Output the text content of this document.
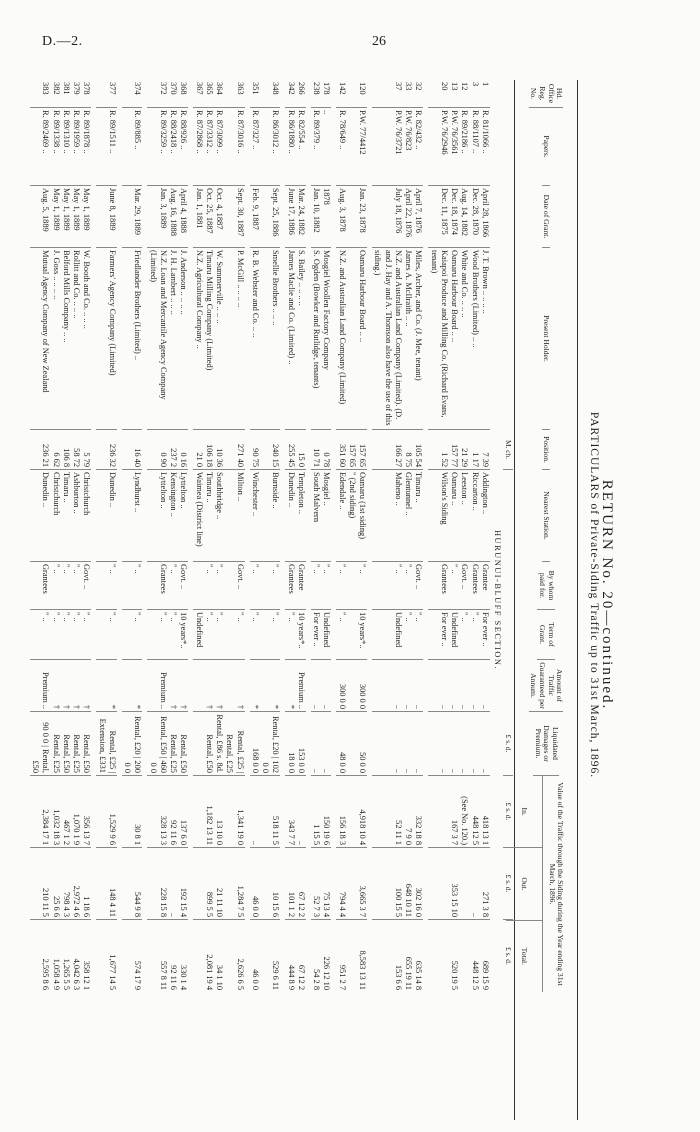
D.—2.	26
RETURN No. 20—continued.
PARTICULARS of Private-Siding Traffic up to 31st March, 1896.
Hd. Office Reg. No.
Papers.
Date of Grant.
Present Holder.
Position.
Nearest Station.
By whom paid for.
Term of Grant.
Amount of Traffic Guaranteed per Annum.
Liquidated Damages or Premium.

Value of the Traffic through the Siding during the Year ending 31st March, 1896.
In.
Out.
Total.

M. ch.
£ s. d.
£ s. d.
£ s. d.
£ s. d.
HURUNUI-BLUFF SECTION.
1
R. 81/1066 ..
April 28, 1866
J. T. Brown .. .. .. ..
7 39
Addington ..
Grantee
For ever ..
..
..
418 13 1
271 3 8
689 15 9
3
R. 88/1107 ..
Dec. 28, 1870
Wood Brothers (Limited) .. ..
1 17
Riccarton ..
Grantees
" ..
..
..
448 12 5
..
448 12 5
12
R. 89/2186 ..
Aug. 14, 1882
White and Co. .. .. ..
21 29
Leeston ..
Govt. ..
" ..
..
..
(See No. 120.)
13
P.W. 76/3561
Dec. 18, 1874
Oamaru Harbour Board .. ..
157 77
Oamaru ..
" ..
Undefined
..
..
167 3 7
353 15 10
520 19 5
20
P.W. 76/2946
Dec. 11, 1875
Kaiapoi Produce and Milling Co. (Richard Evans, tenant)
1 52
Wilson's Siding
Grantees
For ever ..
..
..
32
R. 82/432 ..
April 7, 1876
Miles, Archer, and Co. (J. Mee, tenant)
105 54
Timaru ..
Govt. ..
" ..
..
..
332 18 8
302 16 0
635 14 8
33
P.W. 76/823
April 22, 1876
James A. McIlraith .. ..
8 75
Glentunnel ..
" ..
" ..
..
..
7 9 0
648 10 11
655 19 11
37
P.W. 76/3721
July 18, 1876
N.Z. and Australian Land Company (Limited). (D. and J. Hay and A. Thomson also have the use of this siding.)
166 27
Maheno ..
" ..
Undefined
..
..
52 11 1
100 15 5
153 6 6
120
P.W. 77/4412
Jan. 23, 1878
Oamaru Harbour Board .. ..
157 65
Oamaru (1st siding)
" ..
10 years*..
300 0 0
50 0 0
4,918 10 4
3,665 3 7
8,583 13 11
157 65
" (2nd siding)
142
R. 78/649 ..
Aug. 3, 1878
N.Z. and Australian Land Company (Limited)
351 60
Edendale ..
" ..
" ..
300 0 0
48 0 0
156 18 3
794 4 4
951 2 7
178
..
1878
Mosgiel Woollen Factory Company
0 78
Mosgiel ..
" ..
Undefined
..
..
150 19 6
75 13 4
226 12 10
238
R. 89/379 ..
Jan. 10, 1882
S. Ogden (Bowker and Rutlidge, tenants)
10 71
South Malvern
" ..
For ever ..
..
..
1 15 5
52 7 3
54 2 8
266
R. 82/554 ..
Mar. 24, 1882
S. Bailey .. .. .. ..
15 0
Templeton ..
Grantee
10 years*..
Premium ..
153 0 0
..
67 12 2
67 12 2
342
R. 86/1880 ..
June 17, 1886
James Maclie and Co. (Limited) ..
255 45
Dunedin ..
Grantees
" ..
*
18 0 0
343 7 7
101 1 2
444 8 9
348
R. 86/3012 ..
Sept. 25, 1886
Smellie Brothers .. .. ..
240 15
Burnside ..
" ..
" ..
*
Rental, £20 | 102 0 0
518 11 5
10 15 6
529 6 11
351
R. 87/327 ..
Feb. 9, 1887
R. B. Webster and Co. .. ..
90 75
Winchester ..
" ..
" ..
*
168 0 0
..
46 0 0
46 0 0
363
R. 87/3016 ..
Sept. 30, 1887
P. McGill .. .. .. ..
271 40
Milton ..
Govt. ..
" ..
†
Rental, £25 | Rental, £25
1,341 19 0
1,284 7 5
2,626 6 5
364
R. 87/3099 ..
Oct. 4, 1887
W. Summerville .. .. ..
10 36
Southbridge ..
" ..
" ..
†
Rental, £86 s. 8d.
13 10 0
21 11 10
34 1 10
365
R. 87/3312 ..
Oct. 25, 1887
Timaru Milling Company (Limited)
106 18
Timaru ..
" ..
" ..
†
Rental, £50
1,182 13 11
899 5 5
2,081 19 4
367
R. 87/2868 ..
Jan. 1, 1881
N.Z. Agricultural Company ..
21 0
Waimea (District line)
Undefined
368
R. 88/926 ..
April 4, 1888
J. Anderson .. .. .. ..
0 16
Lyttelton ..
Govt. ..
10 years*..
†
Rental, £50
137 6 0
192 15 4
330 1 4
370
R. 88/2418 ..
Aug. 16, 1888
J. H. Lambert .. .. ..
237 2
Kensington ..
" ..
" ..
†
Rental, £25
92 11 6
..
92 11 6
372
R. 89/3259 ..
Jan. 3, 1889
N.Z. Loan and Mercantile Agency Company (Limited)
0 90
Lyttelton ..
Grantees
" ..
Premium ..
Rental, £50 | 460 0 0
328 13 3
228 15 8
557 8 11
374
R. 89/885 ..
Mar. 29, 1889
Friedlander Brothers (Limited) ..
16 40
Lyndhurst ..
" ..
" ..
*
Rental, £20 | 200 0 0
30 8 1
544 9 8
574 17 9
377
R. 89/1511 ..
June 8, 1889
Farmers' Agency Company (Limited)
236 32
Dunedin ..
" ..
" ..
*
Rental, £25 | Extension, £331
1,529 9 6
148 4 11
1,677 14 5
378
R. 89/1878 ..
May 1, 1889
W. Booth and Co. .. .. ..
5 79
Christchurch
Govt. ..
" ..
†
Rental, £50
356 13 7
1 18 6
358 12 1
379
R. 89/1959 ..
May 1, 1889
Rollitt and Co. .. .. ..
58 72
Ashburton ..
" ..
" ..
†
Rental, £25
1,070 1 9
2,972 4 6
4,042 6 3
381
R. 89/1310 ..
May 1, 1889
Belford Mills Company .. ..
106 8
Timaru ..
" ..
" ..
†
Rental, £50
467 1 2
798 4 3
1,265 5 5
382
R. 89/1338 ..
May 1, 1889
J. Goss .. .. .. ..
6 62
Christchurch
" ..
" ..
†
Rental, £25
1,032 18 3
25 6 6
1,058 4 9
383
R. 89/2469 ..
Aug. 5, 1889
Mutual Agency Company of New Zealand
236 21
Dunedin ..
Grantees
" ..
Premium ..
90 0 0 | Rental, £50
2,384 17 1
210 11 5
2,595 8 6
